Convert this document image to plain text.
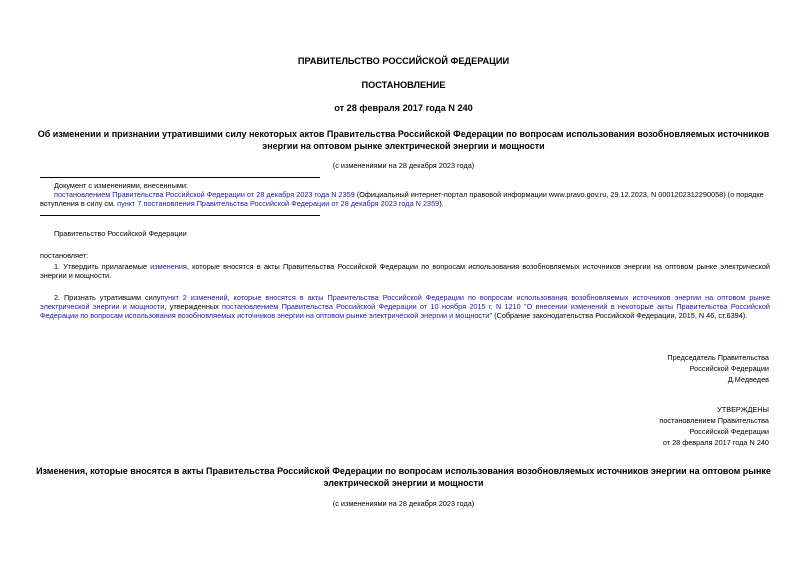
ПРАВИТЕЛЬСТВО РОССИЙСКОЙ ФЕДЕРАЦИИ
ПОСТАНОВЛЕНИЕ
от 28 февраля 2017 года N 240
Об изменении и признании утратившими силу некоторых актов Правительства Российской Федерации по вопросам использования возобновляемых источников энергии на оптовом рынке электрической энергии и мощности
(с изменениями на 28 декабря 2023 года)

Документ с изменениями, внесенными:

постановлением Правительства Российской Федерации от 28 декабря 2023 года N 2359 (Официальный интернет-портал правовой информации www.pravo.gov.ru, 29.12.2023, N 0001202312290058) (о порядке вступления в силу см. пункт 7 постановления Правительства Российской Федерации от 28 декабря 2023 года N 2359).

Правительство Российской Федерации

постановляет:

1. Утвердить прилагаемые изменения, которые вносятся в акты Правительства Российской Федерации по вопросам использования возобновляемых источников энергии на оптовом рынке электрической энергии и мощности.

2. Признать утратившим силупункт 2 изменений, которые вносятся в акты Правительства Российской Федерации по вопросам использования возобновляемых источников энергии на оптовом рынке электрической энергии и мощности, утвержденных постановлением Правительства Российской Федерации от 10 ноября 2015 г. N 1210 "О внесении изменений в некоторые акты Правительства Российской Федерации по вопросам использования возобновляемых источников энергии на оптовом рынке электрической энергии и мощности" (Собрание законодательства Российской Федерации, 2015, N 46, ст.6394).

Председатель Правительства

Российской Федерации

Д.Медведев

УТВЕРЖДЕНЫ

постановлением Правительства

Российской Федерации

от 28 февраля 2017 года N 240

Изменения, которые вносятся в акты Правительства Российской Федерации по вопросам использования возобновляемых источников энергии на оптовом рынке электрической энергии и мощности
(с изменениями на 28 декабря 2023 года)
